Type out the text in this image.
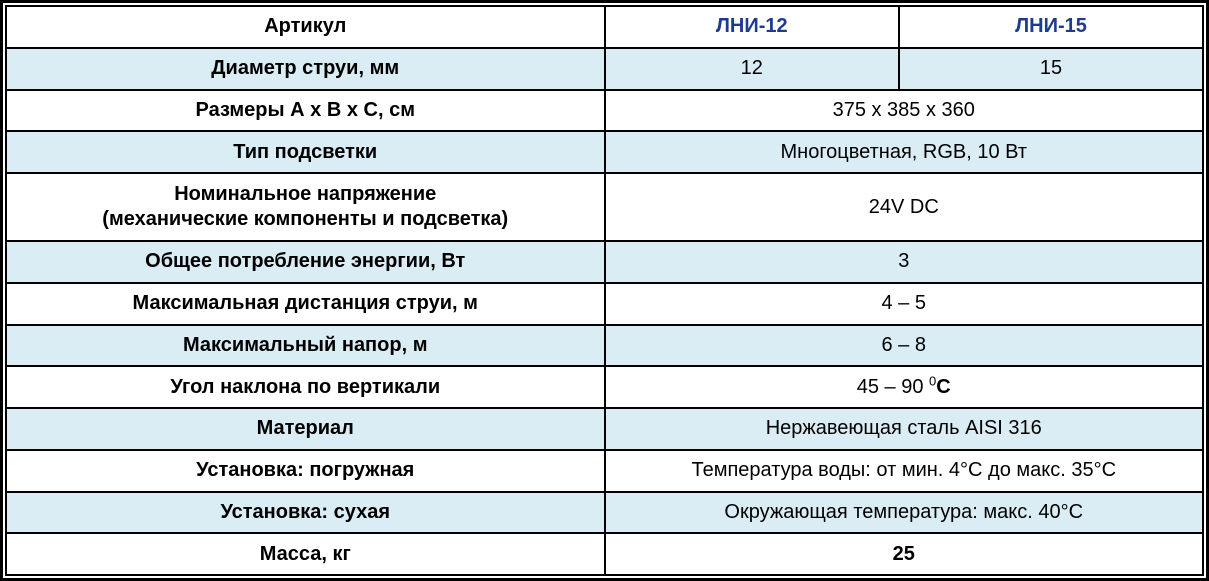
Артикул	ЛНИ-12	ЛНИ-15
Диаметр струи, мм	12	15
Размеры А х В х С, см	375 х 385 х 360	
Тип подсветки	Многоцветная, RGB, 10 Вт	

Номинальное напряжение
(механические компоненты и подсветка)	24V DC	
Общее потребление энергии, Вт	3	
Максимальная дистанция струи, м	4 – 5	
Максимальный напор, м	6 – 8	
Угол наклона по вертикали	45 – 90 $^0$С	
Материал	Нержавеющая сталь AISI 316	
Установка: погружная	Температура воды: от мин. 4°С до макс. 35°С	
Установка: сухая	Окружающая температура: макс. 40°С	
Масса, кг	25	
